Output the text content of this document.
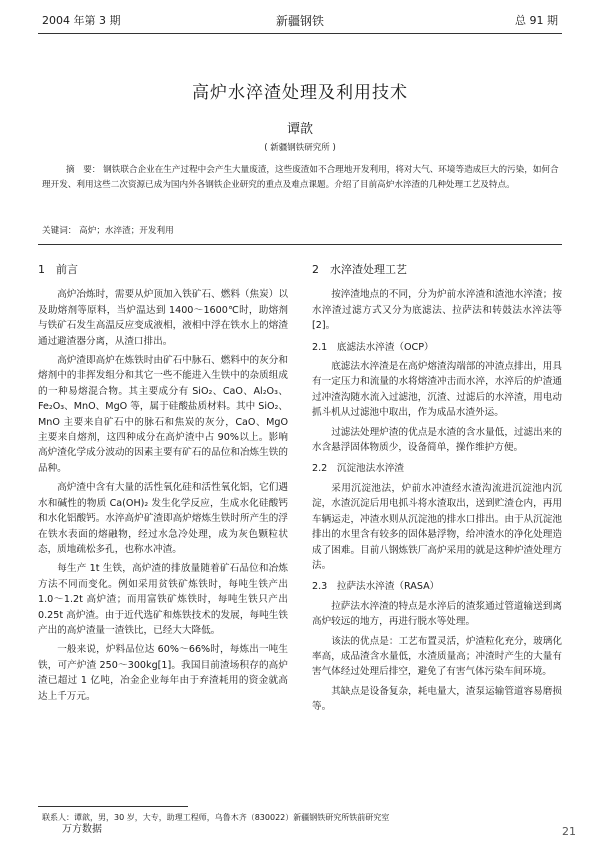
2004 年第 3 期	新疆钢铁	总 91 期
高炉水淬渣处理及利用技术
谭歆
( 新疆钢铁研究所 )
摘　要： 钢铁联合企业在生产过程中会产生大量废渣，这些废渣如不合理地开发利用，将对大气、环境等造成巨大的污染，如何合理开发、利用这些二次资源已成为国内外各钢铁企业研究的重点及难点课题。介绍了目前高炉水淬渣的几种处理工艺及特点。
关键词： 高炉；水淬渣；开发利用
1　前言

高炉冶炼时，需要从炉顶加入铁矿石、燃料（焦炭）以及助熔剂等原料，当炉温达到 1400～1600℃时，助熔剂与铁矿石发生高温反应变成液相，液相中浮在铁水上的熔渣通过避渣器分离，从渣口排出。

高炉渣即高炉在炼铁时由矿石中脉石、燃料中的灰分和熔剂中的非挥发组分和其它一些不能进入生铁中的杂质组成的一种易熔混合物。其主要成分有 SiO₂、CaO、Al₂O₃、Fe₂O₃、MnO、MgO 等，属于硅酸盐质材料。其中 SiO₂、MnO 主要来自矿石中的脉石和焦炭的灰分，CaO、MgO 主要来自熔剂，这四种成分在高炉渣中占 90%以上。影响高炉渣化学成分波动的因素主要有矿石的品位和冶炼生铁的品种。

高炉渣中含有大量的活性氧化硅和活性氧化铝，它们遇水和碱性的物质 Ca(OH)₂ 发生化学反应，生成水化硅酸钙和水化铝酸钙。水淬高炉矿渣即高炉熔炼生铁时所产生的浮在铁水表面的熔融物，经过水急冷处理，成为灰色颗粒状态，质地疏松多孔，也称水冲渣。

每生产 1t 生铁，高炉渣的排放量随着矿石品位和冶炼方法不同而变化。例如采用贫铁矿炼铁时，每吨生铁产出 1.0～1.2t 高炉渣；而用富铁矿炼铁时，每吨生铁只产出 0.25t 高炉渣。由于近代选矿和炼铁技术的发展，每吨生铁产出的高炉渣量一渣铁比，已经大大降低。

一般来说，炉料品位达 60%～66%时，每炼出一吨生铁，可产炉渣 250～300kg[1]。我国目前渣场积存的高炉渣已超过 1 亿吨，冶金企业每年由于弃渣耗用的资金就高达上千万元。

2　水淬渣处理工艺

按淬渣地点的不同，分为炉前水淬渣和渣池水淬渣；按水淬渣过滤方式又分为底滤法、拉萨法和转鼓法水淬法等[2]。

2.1　底滤法水淬渣（OCP）

底滤法水淬渣是在高炉熔渣沟端部的冲渣点排出，用具有一定压力和流量的水将熔渣冲击而水淬，水淬后的炉渣通过冲渣沟随水流入过滤池，沉渣、过滤后的水淬渣，用电动抓斗机从过滤池中取出，作为成品水渣外运。

过滤法处理炉渣的优点是水渣的含水量低，过滤出来的水含悬浮固体物质少，设备简单，操作维护方便。

2.2　沉淀池法水淬渣

采用沉淀池法，炉前水冲渣经水渣沟流进沉淀池内沉淀，水渣沉淀后用电抓斗将水渣取出，送到贮渣仓内，再用车辆运走，冲渣水则从沉淀池的排水口排出。由于从沉淀池排出的水里含有较多的固体悬浮物，给冲渣水的净化处理造成了困难。目前八钢炼铁厂高炉采用的就是这种炉渣处理方法。

2.3　拉萨法水淬渣（RASA）

拉萨法水淬渣的特点是水淬后的渣浆通过管道输送到离高炉较远的地方，再进行脱水等处理。

该法的优点是：工艺布置灵活，炉渣粒化充分，玻璃化率高，成品渣含水量低，水渣质量高；冲渣时产生的大量有害气体经过处理后排空，避免了有害气体污染车间环境。

其缺点是设备复杂，耗电量大，渣泵运输管道容易磨损等。

联系人：谭歆，男，30 岁，大专，助理工程师，乌鲁木齐（830022）新疆钢铁研究所铁前研究室
万方数据	21
